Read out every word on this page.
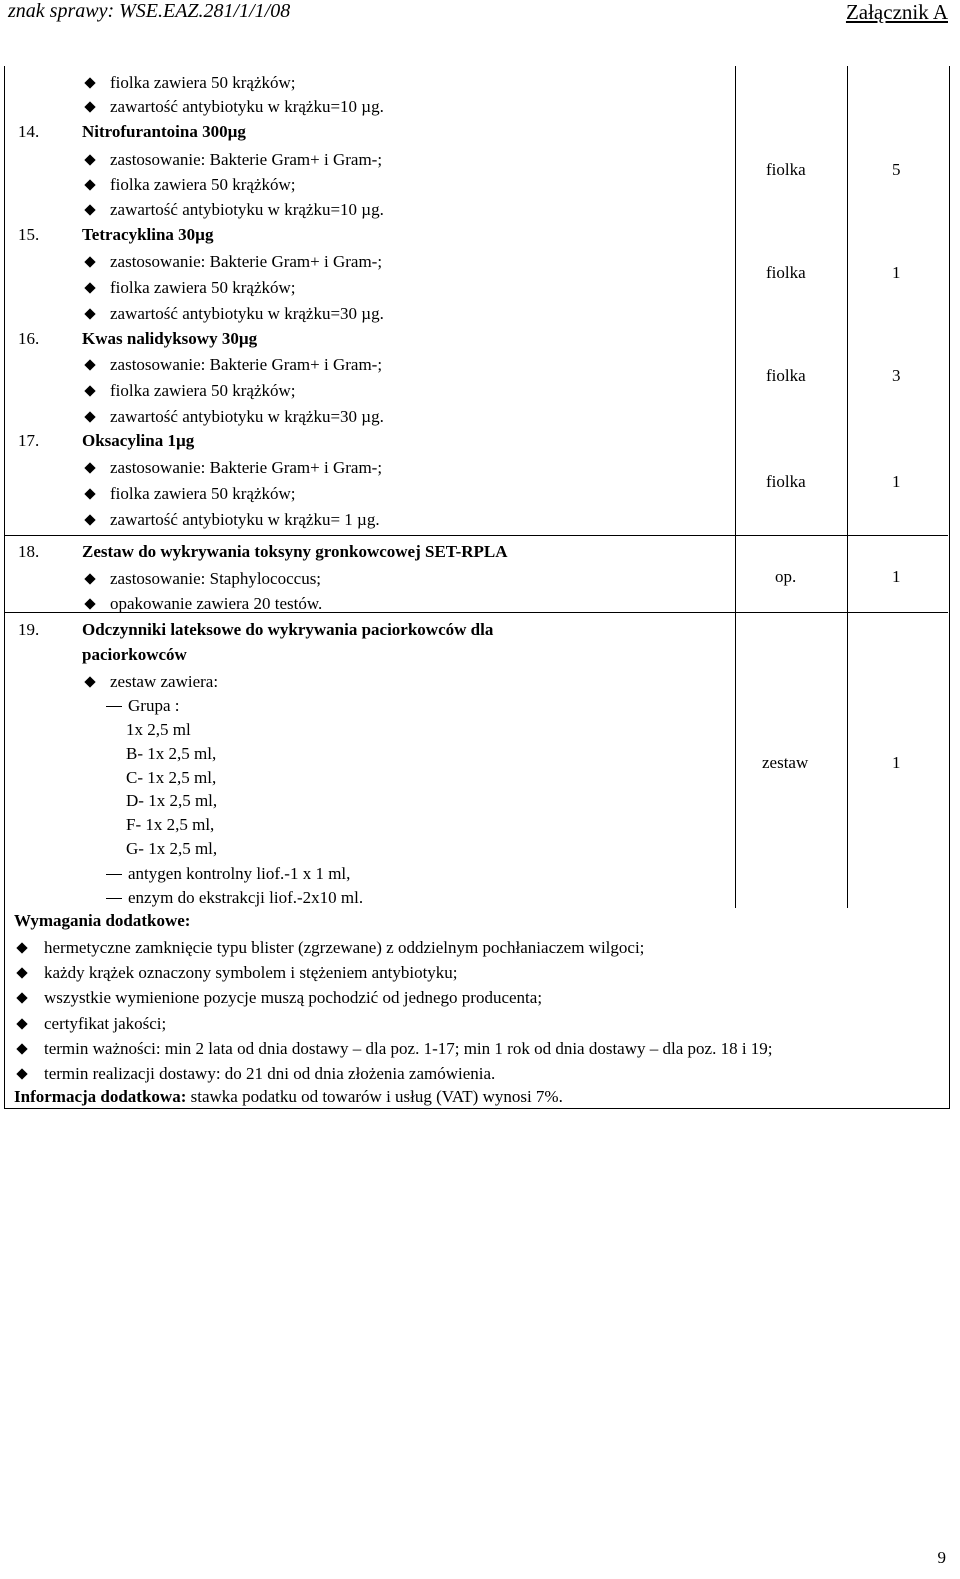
znak sprawy: WSE.EAZ.281/1/1/08	Załącznik A
fiolka zawiera 50 krążków;
zawartość antybiotyku w krążku=10 µg.
14.	Nitrofurantoina 300µg
zastosowanie: Bakterie Gram+ i Gram-;
fiolka zawiera 50 krążków;
zawartość antybiotyku w krążku=10 µg.
fiolka	5
15.	Tetracyklina 30µg
zastosowanie: Bakterie Gram+ i Gram-;
fiolka zawiera 50 krążków;
zawartość antybiotyku w krążku=30 µg.
fiolka	1
16.	Kwas nalidyksowy 30µg
zastosowanie: Bakterie Gram+ i Gram-;
fiolka zawiera 50 krążków;
zawartość antybiotyku w krążku=30 µg.
fiolka	3
17.	Oksacylina 1µg
zastosowanie: Bakterie Gram+ i Gram-;
fiolka zawiera 50 krążków;
zawartość antybiotyku w krążku= 1 µg.
fiolka	1
18.	Zestaw do wykrywania toksyny gronkowcowej SET-RPLA
zastosowanie: Staphylococcus;
opakowanie zawiera 20 testów.
op.	1
19.	Odczynniki lateksowe do wykrywania paciorkowców dla
paciorkowców
zestaw zawiera:
Grupa :
1x 2,5 ml
B- 1x 2,5 ml,
C- 1x 2,5 ml,
D- 1x 2,5 ml,
F- 1x 2,5 ml,
G- 1x 2,5 ml,
antygen kontrolny liof.-1 x 1 ml,
enzym do ekstrakcji liof.-2x10 ml.
zestaw	1
Wymagania dodatkowe:
hermetyczne zamknięcie typu blister (zgrzewane) z oddzielnym pochłaniaczem wilgoci;
każdy krążek oznaczony symbolem i stężeniem antybiotyku;
wszystkie wymienione pozycje muszą pochodzić od jednego producenta;
certyfikat jakości;
termin ważności: min 2 lata od dnia dostawy – dla poz. 1-17; min 1 rok od dnia dostawy – dla poz. 18 i 19;
termin realizacji dostawy: do 21 dni od dnia złożenia zamówienia.
Informacja dodatkowa: stawka podatku od towarów i usług (VAT) wynosi 7%.
9
